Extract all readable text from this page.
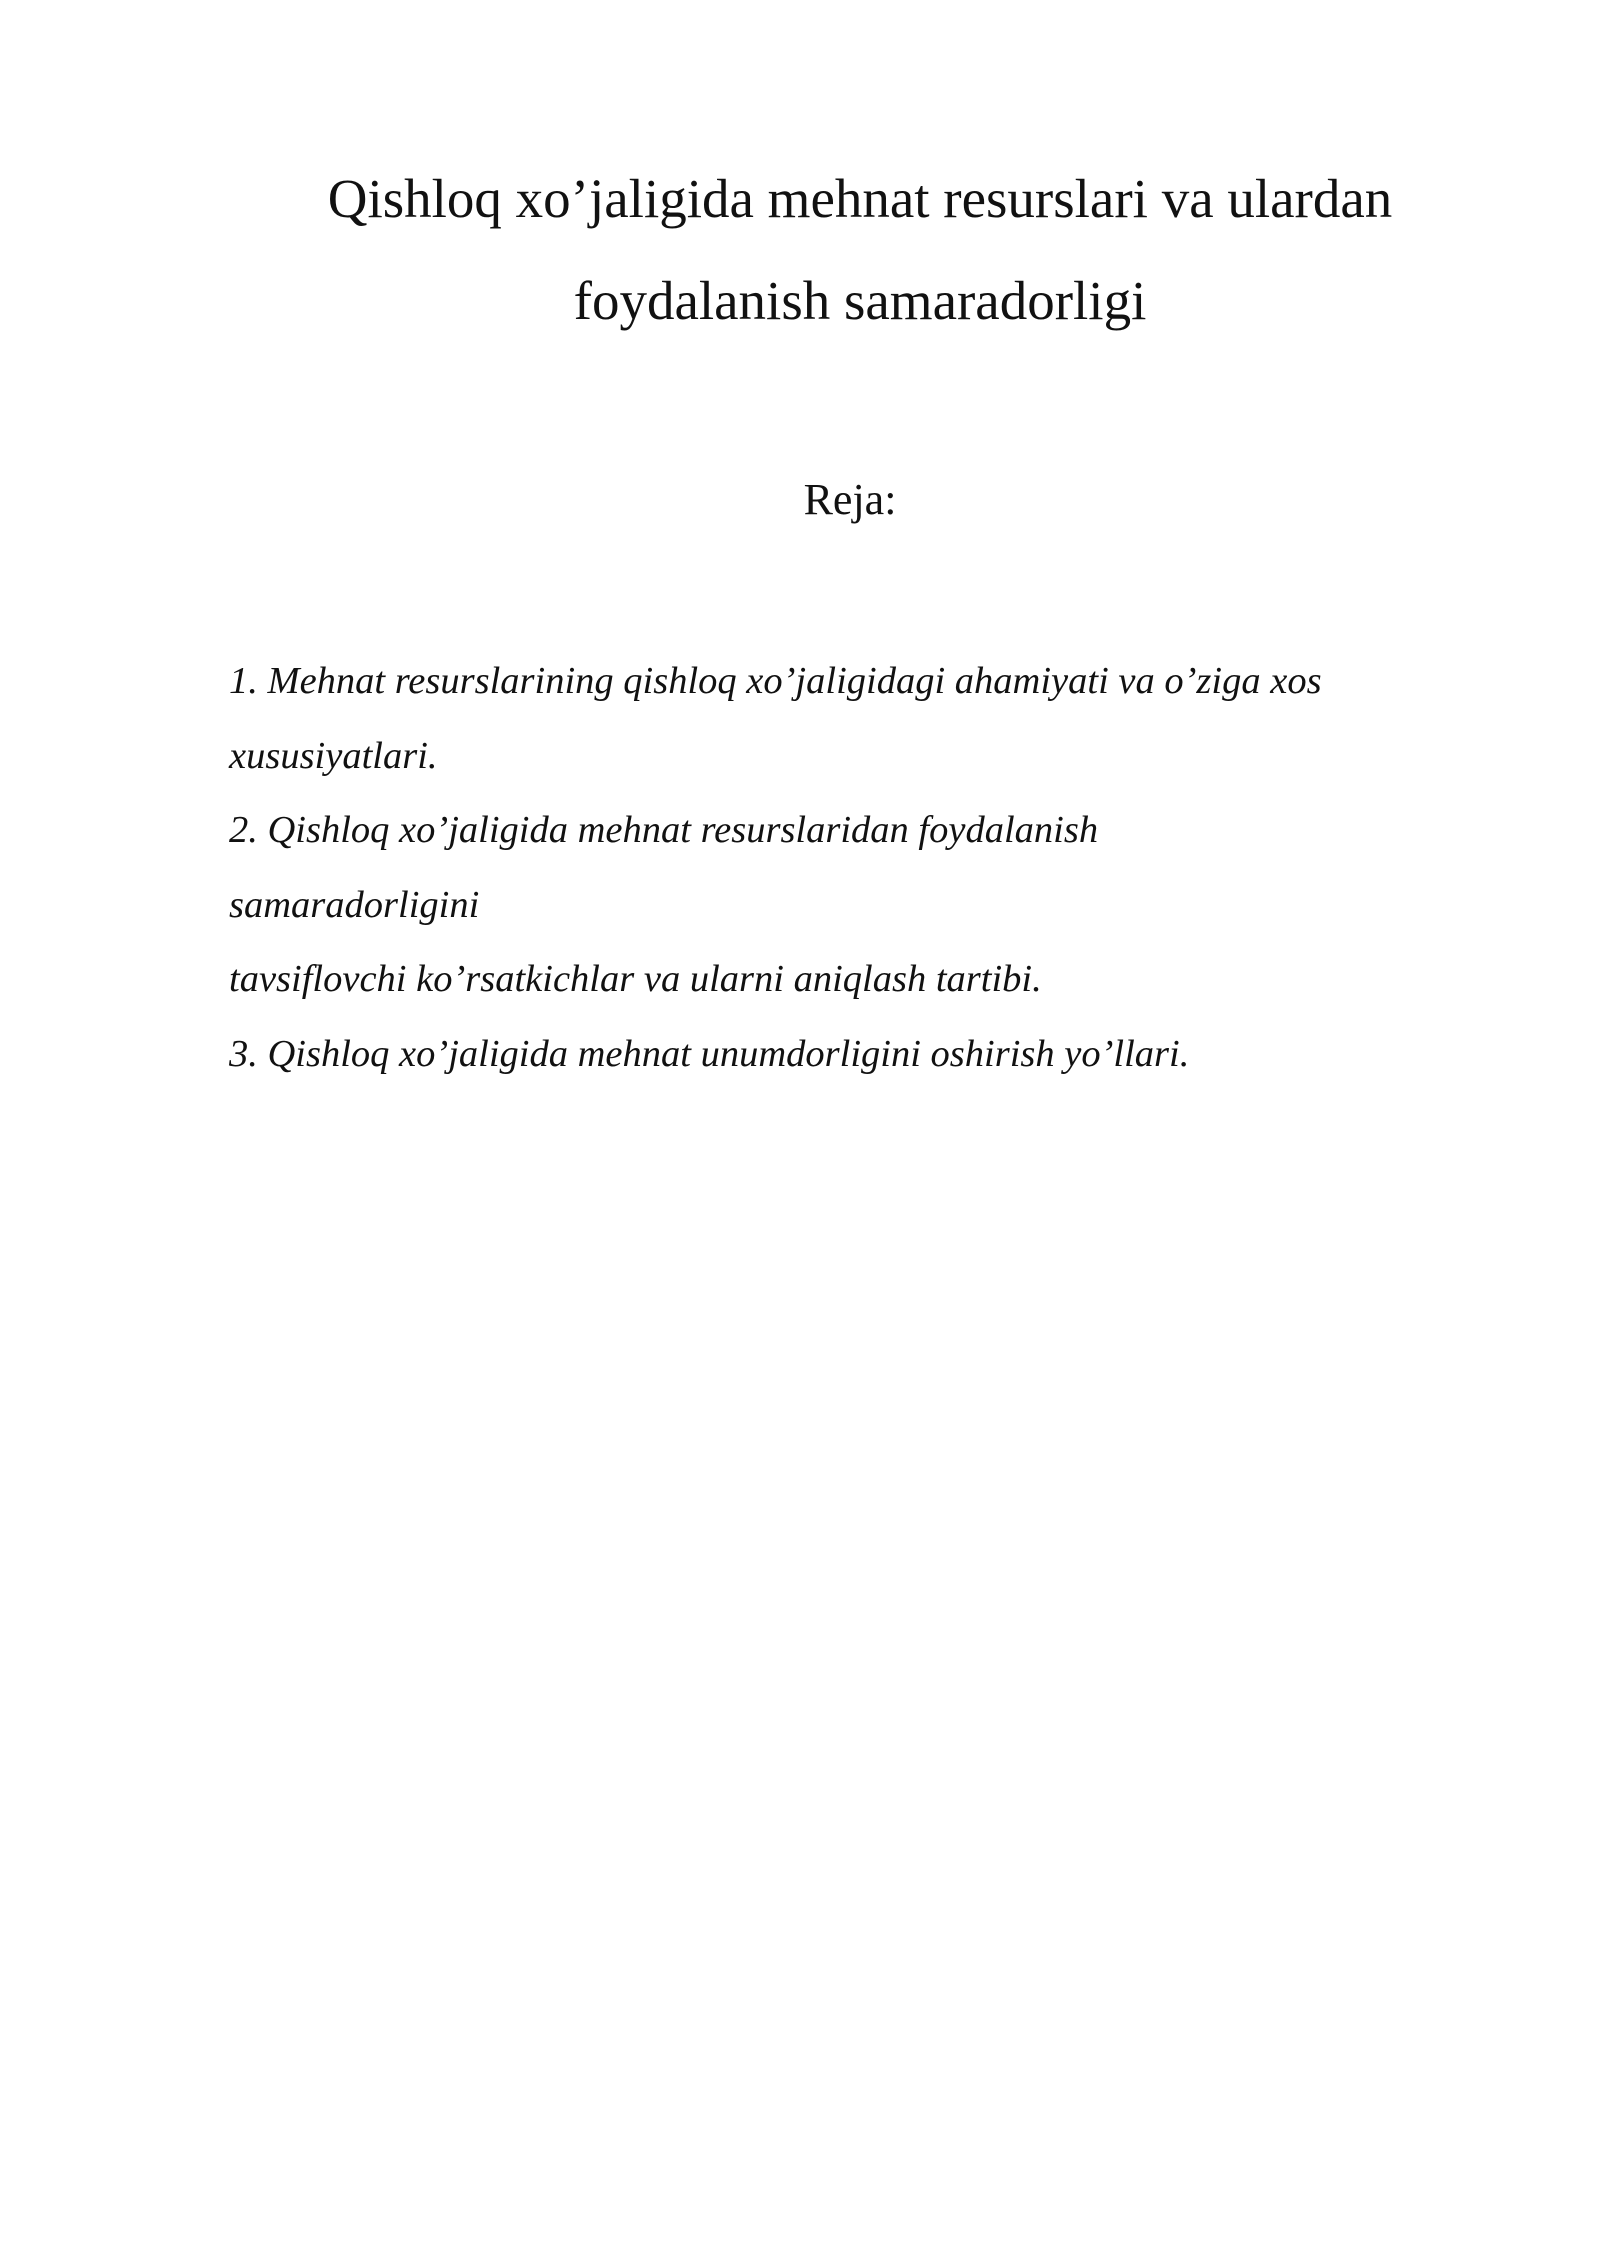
Qishloq xo’jaligida mehnat resurslari va ulardan
foydalanish samaradorligi
Reja:
1. Mehnat resurslarining qishloq xo’jaligidagi ahamiyati va o’ziga xos
xususiyatlari.
2. Qishloq xo’jaligida mehnat resurslaridan foydalanish
samaradorligini
tavsiflovchi ko’rsatkichlar va ularni aniqlash tartibi.
3. Qishloq xo’jaligida mehnat unumdorligini oshirish yo’llari.
